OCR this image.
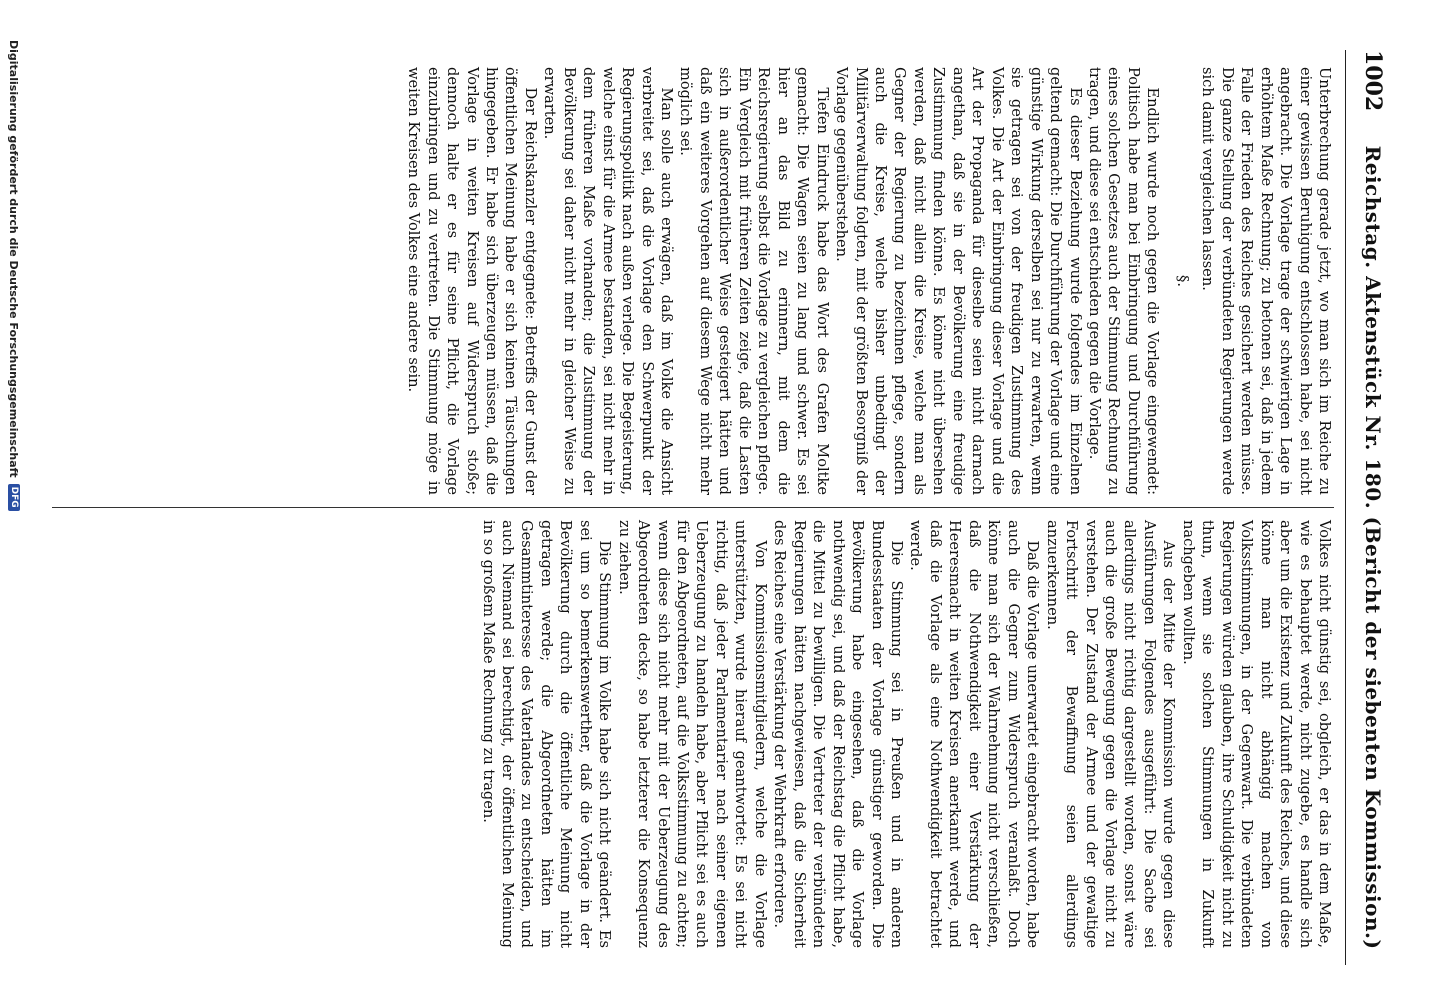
1002
Reichstag. Aktenstück Nr. 180. (Bericht der siebenten Kommission.)

Unterbrechung gerade jetzt, wo man sich im Reiche zu einer gewissen Beruhigung entschlossen habe, sei nicht angebracht. Die Vorlage trage der schwierigen Lage in erhöhtem Maße Rechnung; zu betonen sei, daß in jedem Falle der Frieden des Reiches gesichert werden müsse. Die ganze Stellung der verbündeten Regierungen werde sich damit vergleichen lassen.

§.

Endlich wurde noch gegen die Vorlage eingewendet: Politisch habe man bei Einbringung und Durchführung eines solchen Gesetzes auch der Stimmung Rechnung zu tragen, und diese sei entschieden gegen die Vorlage.

Es dieser Beziehung wurde folgendes im Einzelnen geltend gemacht: Die Durchführung der Vorlage und eine günstige Wirkung derselben sei nur zu erwarten, wenn sie getragen sei von der freudigen Zustimmung des Volkes. Die Art der Einbringung dieser Vorlage und die Art der Propaganda für dieselbe seien nicht darnach angethan, daß sie in der Bevölkerung eine freudige Zustimmung finden könne. Es könne nicht übersehen werden, daß nicht allein die Kreise, welche man als Gegner der Regierung zu bezeichnen pflege, sondern auch die Kreise, welche bisher unbedingt der Militärverwaltung folgten, mit der größten Besorgniß der Vorlage gegenüberstehen.

Tiefen Eindruck habe das Wort des Grafen Moltke gemacht: Die Wagen seien zu lang und schwer. Es sei hier an das Bild zu erinnern, mit dem die Reichsregierung selbst die Vorlage zu vergleichen pflege. Ein Vergleich mit früheren Zeiten zeige, daß die Lasten sich in außerordentlicher Weise gesteigert hätten und daß ein weiteres Vorgehen auf diesem Wege nicht mehr möglich sei.

Man solle auch erwägen, daß im Volke die Ansicht verbreitet sei, daß die Vorlage den Schwerpunkt der Regierungspolitik nach außen verlege. Die Begeisterung, welche einst für die Armee bestanden, sei nicht mehr in dem früheren Maße vorhanden; die Zustimmung der Bevölkerung sei daher nicht mehr in gleicher Weise zu erwarten.

Der Reichskanzler entgegnete: Betreffs der Gunst der öffentlichen Meinung habe er sich keinen Täuschungen hingegeben. Er habe sich überzeugen müssen, daß die Vorlage in weiten Kreisen auf Widerspruch stoße; dennoch halte er es für seine Pflicht, die Vorlage einzubringen und zu vertreten. Die Stimmung möge in weiten Kreisen des Volkes eine andere sein.

Volkes nicht günstig sei, obgleich, er das in dem Maße, wie es behauptet werde, nicht zugebe, es handle sich aber um die Existenz und Zukunft des Reiches, und diese könne man nicht abhängig machen von Volksstimmungen, in der Gegenwart. Die verbündeten Regierungen würden glauben, ihre Schuldigkeit nicht zu thun, wenn sie solchen Stimmungen in Zukunft nachgeben wollten.

Aus der Mitte der Kommission wurde gegen diese Ausführungen Folgendes ausgeführt: Die Sache sei allerdings nicht richtig dargestellt worden, sonst wäre auch die große Bewegung gegen die Vorlage nicht zu verstehen. Der Zustand der Armee und der gewaltige Fortschritt der Bewaffnung seien allerdings anzuerkennen.

Daß die Vorlage unerwartet eingebracht worden, habe auch die Gegner zum Widerspruch veranlaßt. Doch könne man sich der Wahrnehmung nicht verschließen, daß die Nothwendigkeit einer Verstärkung der Heeresmacht in weiten Kreisen anerkannt werde, und daß die Vorlage als eine Nothwendigkeit betrachtet werde.

Die Stimmung sei in Preußen und in anderen Bundesstaaten der Vorlage günstiger geworden. Die Bevölkerung habe eingesehen, daß die Vorlage nothwendig sei, und daß der Reichstag die Pflicht habe, die Mittel zu bewilligen. Die Vertreter der verbündeten Regierungen hätten nachgewiesen, daß die Sicherheit des Reiches eine Verstärkung der Wehrkraft erfordere.

Von Kommissionsmitgliedern, welche die Vorlage unterstützten, wurde hierauf geantwortet: Es sei nicht richtig, daß jeder Parlamentarier nach seiner eigenen Ueberzeugung zu handeln habe, aber Pflicht sei es auch für den Abgeordneten, auf die Volksstimmung zu achten; wenn diese sich nicht mehr mit der Ueberzeugung des Abgeordneten decke, so habe letzterer die Konsequenz zu ziehen.

Die Stimmung im Volke habe sich nicht geändert. Es sei um so bemerkenswerther, daß die Vorlage in der Bevölkerung durch die öffentliche Meinung nicht getragen werde; die Abgeordneten hätten im Gesammtinteresse des Vaterlandes zu entscheiden, und auch Niemand sei berechtigt, der öffentlichen Meinung in so großem Maße Rechnung zu tragen.

Digitalisierung gefördert durch die Deutsche Forschungsgemeinschaft
DFG
